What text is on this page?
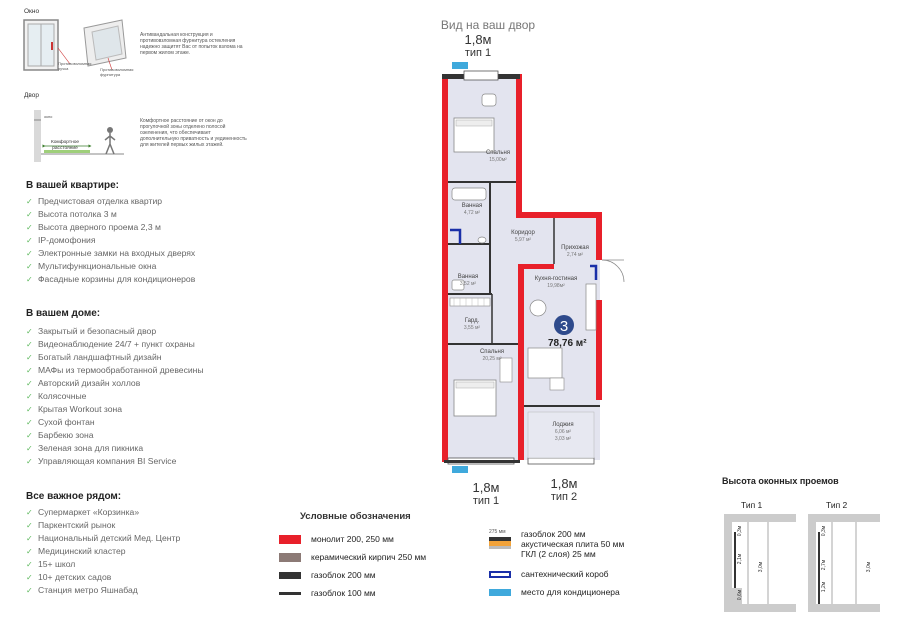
Окно
Противовзломная ручка	Противовзломная фурнитура
Антивандальная конструкция и противовзломная фурнитура остекления надежно защитят Вас от попыток взлома на первом жилом этаже.
Двор
окно
Комфортное расстояние
Комфортное расстояние от окон до прогулочной зоны отделено полосой озеленения, что обеспечивает дополнительную приватность и уединенность для жителей первых жилых этажей.
В вашей квартире:
✓ Предчистовая отделка квартир
✓ Высота потолка 3 м
✓ Высота дверного проема 2,3 м
✓ IP-домофония
✓ Электронные замки на входных дверях
✓ Мультифункциональные окна
✓ Фасадные корзины для кондиционеров
В вашем доме:
✓ Закрытый и безопасный двор
✓ Видеонаблюдение 24/7 + пункт охраны
✓ Богатый ландшафтный дизайн
✓ МАФы из термообработанной древесины
✓ Авторский дизайн холлов
✓ Колясочные
✓ Крытая Workout зона
✓ Сухой фонтан
✓ Барбекю зона
✓ Зеленая зона для пикника
✓ Управляющая компания BI Service
Все важное рядом:
✓ Супермаркет «Корзинка»
✓ Паркентский рынок
✓ Национальный детский Мед. Центр
✓ Медицинский кластер
✓ 15+ школ
✓ 10+ детских садов
✓ Станция метро Яшнабад
Вид на ваш двор
1,8м
тип 1
3
Спальня
15,00м²
Ванная
4,72 м²
Коридор
5,97 м²
Прихожая
2,74 м²
Ванная
3,52 м²
Кухня-гостиная
19,98м²
Гард.
3,55 м²
Спальня
20,25 м²
Лоджия
6,06 м²
3,03 м²
78,76 м²
1,8м
тип 1
1,8м
тип 2
Условные обозначения
монолит 200, 250 мм
керамический кирпич 250 мм
газоблок 200 мм
газоблок 100 мм
275 мм	газоблок 200 мм
акустическая плита 50 мм
ГКЛ (2 слоя) 25 мм
сантехнический короб
место для кондиционера
Высота оконных проемов
Тип 1	Тип 2
0,3м
2,1м
0,6м
3,0м
0,3м
2,7м
1,2м
3,0м
